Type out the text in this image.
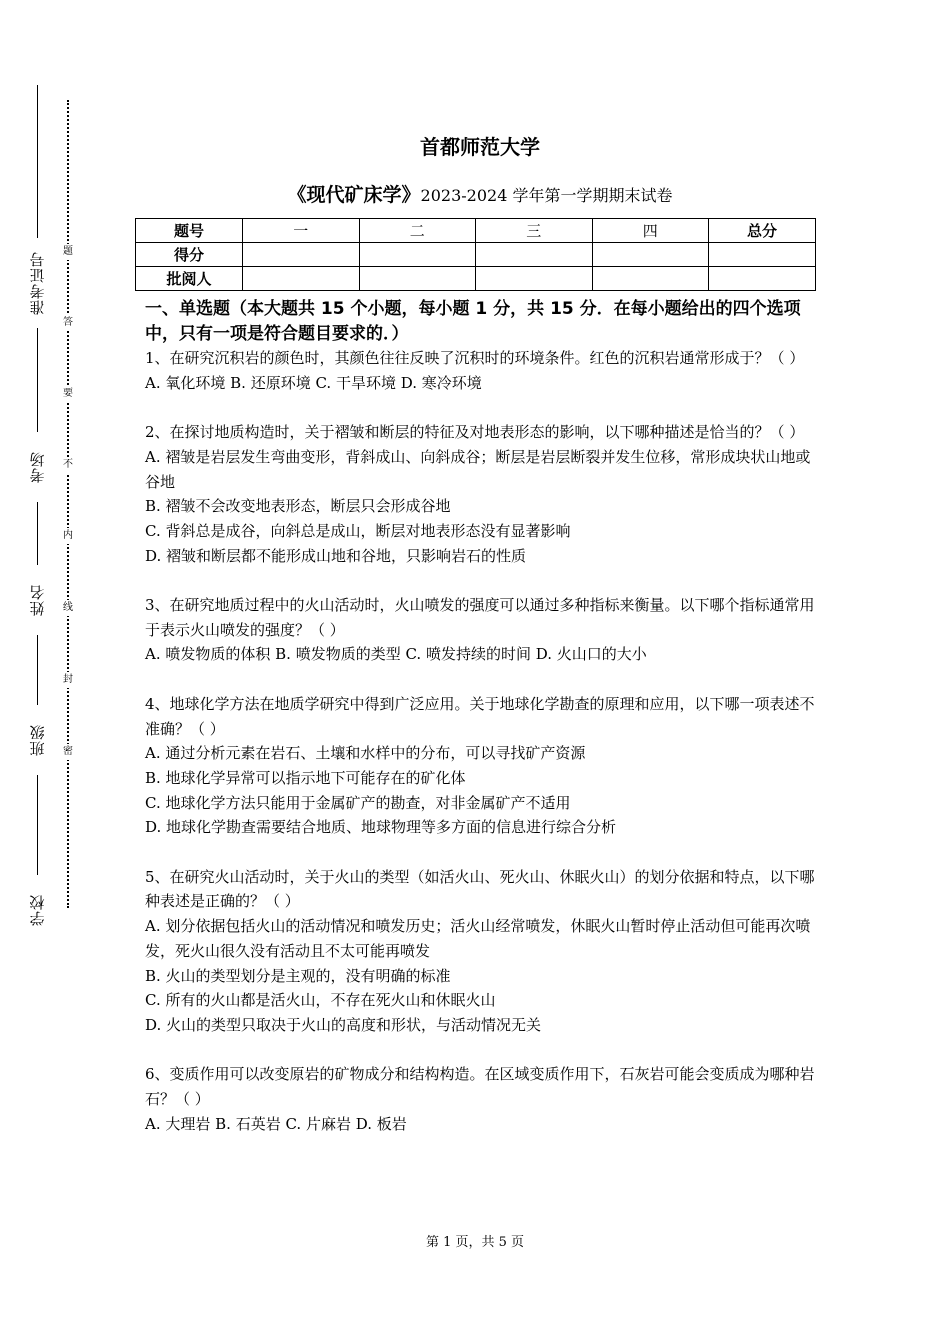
准考证号
考场
姓名
班级
学校
题
答
要
不
内
线
封
密
首都师范大学
《现代矿床学》2023-2024 学年第一学期期末试卷
题号	一	二	三	四	总分
得分					
批阅人					
一、单选题（本大题共 15 个小题，每小题 1 分，共 15 分．在每小题给出的四个选项中，只有一项是符合题目要求的．）

1、在研究沉积岩的颜色时，其颜色往往反映了沉积时的环境条件。红色的沉积岩通常形成于？（ ）

A. 氧化环境 B. 还原环境 C. 干旱环境 D. 寒冷环境

2、在探讨地质构造时，关于褶皱和断层的特征及对地表形态的影响，以下哪种描述是恰当的？（ ）

A. 褶皱是岩层发生弯曲变形，背斜成山、向斜成谷；断层是岩层断裂并发生位移，常形成块状山地或谷地

B. 褶皱不会改变地表形态，断层只会形成谷地

C. 背斜总是成谷，向斜总是成山，断层对地表形态没有显著影响

D. 褶皱和断层都不能形成山地和谷地，只影响岩石的性质

3、在研究地质过程中的火山活动时，火山喷发的强度可以通过多种指标来衡量。以下哪个指标通常用于表示火山喷发的强度？（ ）

A. 喷发物质的体积 B. 喷发物质的类型 C. 喷发持续的时间 D. 火山口的大小

4、地球化学方法在地质学研究中得到广泛应用。关于地球化学勘查的原理和应用，以下哪一项表述不准确？（ ）

A. 通过分析元素在岩石、土壤和水样中的分布，可以寻找矿产资源

B. 地球化学异常可以指示地下可能存在的矿化体

C. 地球化学方法只能用于金属矿产的勘查，对非金属矿产不适用

D. 地球化学勘查需要结合地质、地球物理等多方面的信息进行综合分析

5、在研究火山活动时，关于火山的类型（如活火山、死火山、休眠火山）的划分依据和特点，以下哪种表述是正确的？（ ）

A. 划分依据包括火山的活动情况和喷发历史；活火山经常喷发，休眠火山暂时停止活动但可能再次喷发，死火山很久没有活动且不太可能再喷发

B. 火山的类型划分是主观的，没有明确的标准

C. 所有的火山都是活火山，不存在死火山和休眠火山

D. 火山的类型只取决于火山的高度和形状，与活动情况无关

6、变质作用可以改变原岩的矿物成分和结构构造。在区域变质作用下，石灰岩可能会变质成为哪种岩石？（ ）

A. 大理岩 B. 石英岩 C. 片麻岩 D. 板岩

第 1 页，共 5 页
